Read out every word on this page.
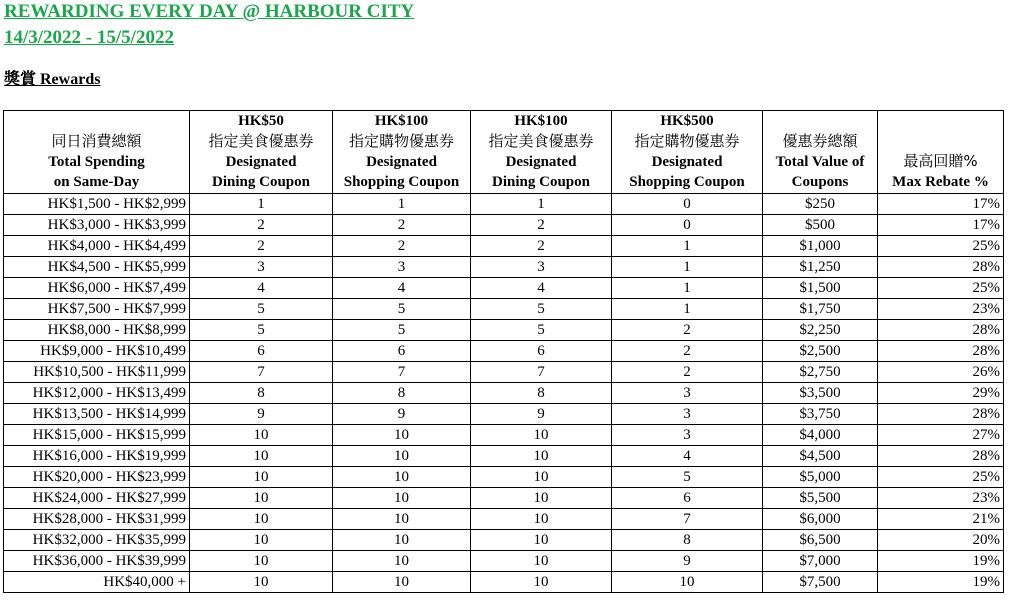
REWARDING EVERY DAY @ HARBOUR CITY
14/3/2022 - 15/5/2022
獎賞 Rewards
同日消費總額
Total Spending
on Same-Day	HK$50
指定美食優惠券
Designated
Dining Coupon	HK$100
指定購物優惠券
Designated
Shopping Coupon	HK$100
指定美食優惠券
Designated
Dining Coupon	HK$500
指定購物優惠券
Designated
Shopping Coupon	優惠券總額
Total Value of
Coupons	最高回贈%
Max Rebate %

HK$1,500 - HK$2,999	1	1	1	0	$250	17%
HK$3,000 - HK$3,999	2	2	2	0	$500	17%
HK$4,000 - HK$4,499	2	2	2	1	$1,000	25%
HK$4,500 - HK$5,999	3	3	3	1	$1,250	28%
HK$6,000 - HK$7,499	4	4	4	1	$1,500	25%
HK$7,500 - HK$7,999	5	5	5	1	$1,750	23%
HK$8,000 - HK$8,999	5	5	5	2	$2,250	28%
HK$9,000 - HK$10,499	6	6	6	2	$2,500	28%
HK$10,500 - HK$11,999	7	7	7	2	$2,750	26%
HK$12,000 - HK$13,499	8	8	8	3	$3,500	29%
HK$13,500 - HK$14,999	9	9	9	3	$3,750	28%
HK$15,000 - HK$15,999	10	10	10	3	$4,000	27%
HK$16,000 - HK$19,999	10	10	10	4	$4,500	28%
HK$20,000 - HK$23,999	10	10	10	5	$5,000	25%
HK$24,000 - HK$27,999	10	10	10	6	$5,500	23%
HK$28,000 - HK$31,999	10	10	10	7	$6,000	21%
HK$32,000 - HK$35,999	10	10	10	8	$6,500	20%
HK$36,000 - HK$39,999	10	10	10	9	$7,000	19%
HK$40,000 +	10	10	10	10	$7,500	19%
